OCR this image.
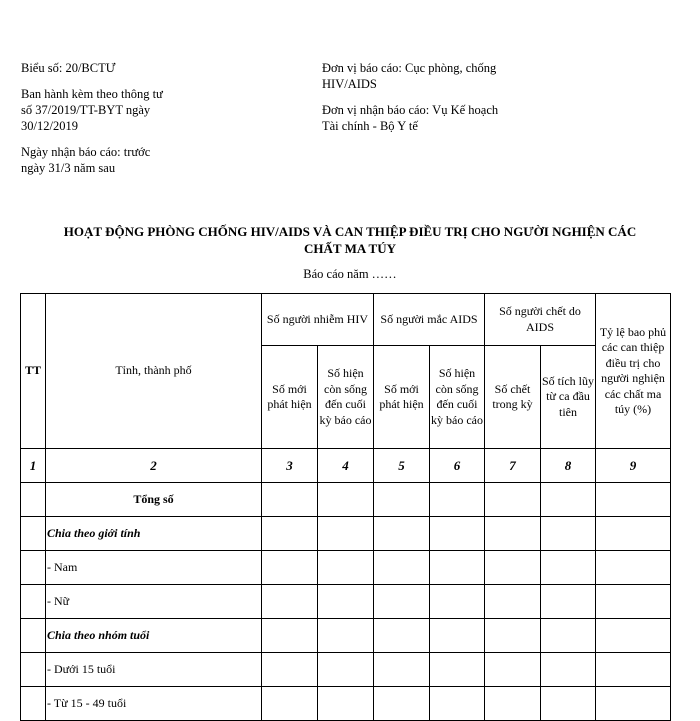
Biểu số: 20/BCTƯ

Ban hành kèm theo thông tư
số 37/2019/TT-BYT ngày
30/12/2019

Ngày nhận báo cáo: trước
ngày 31/3 năm sau

Đơn vị báo cáo: Cục phòng, chống
HIV/AIDS

Đơn vị nhận báo cáo: Vụ Kế hoạch
Tài chính - Bộ Y tế

HOẠT ĐỘNG PHÒNG CHỐNG HIV/AIDS VÀ CAN THIỆP ĐIỀU TRỊ CHO NGƯỜI NGHIỆN CÁC
CHẤT MA TÚY
Báo cáo năm ……
TT	Tỉnh, thành phố	Số người nhiễm HIV		Số người mắc AIDS		Số người chết do AIDS		Tỷ lệ bao phủ các can thiệp điều trị cho người nghiện các chất ma túy (%)
		Số mới phát hiện	Số hiện còn sống đến cuối kỳ báo cáo	Số mới phát hiện	Số hiện còn sống đến cuối kỳ báo cáo	Số chết trong kỳ	Số tích lũy từ ca đầu tiên	
1	2	3	4	5	6	7	8	9
	Tổng số							
	Chia theo giới tính							
	- Nam							
	- Nữ							
	Chia theo nhóm tuổi							
	- Dưới 15 tuổi							
	- Từ 15 - 49 tuổi							
